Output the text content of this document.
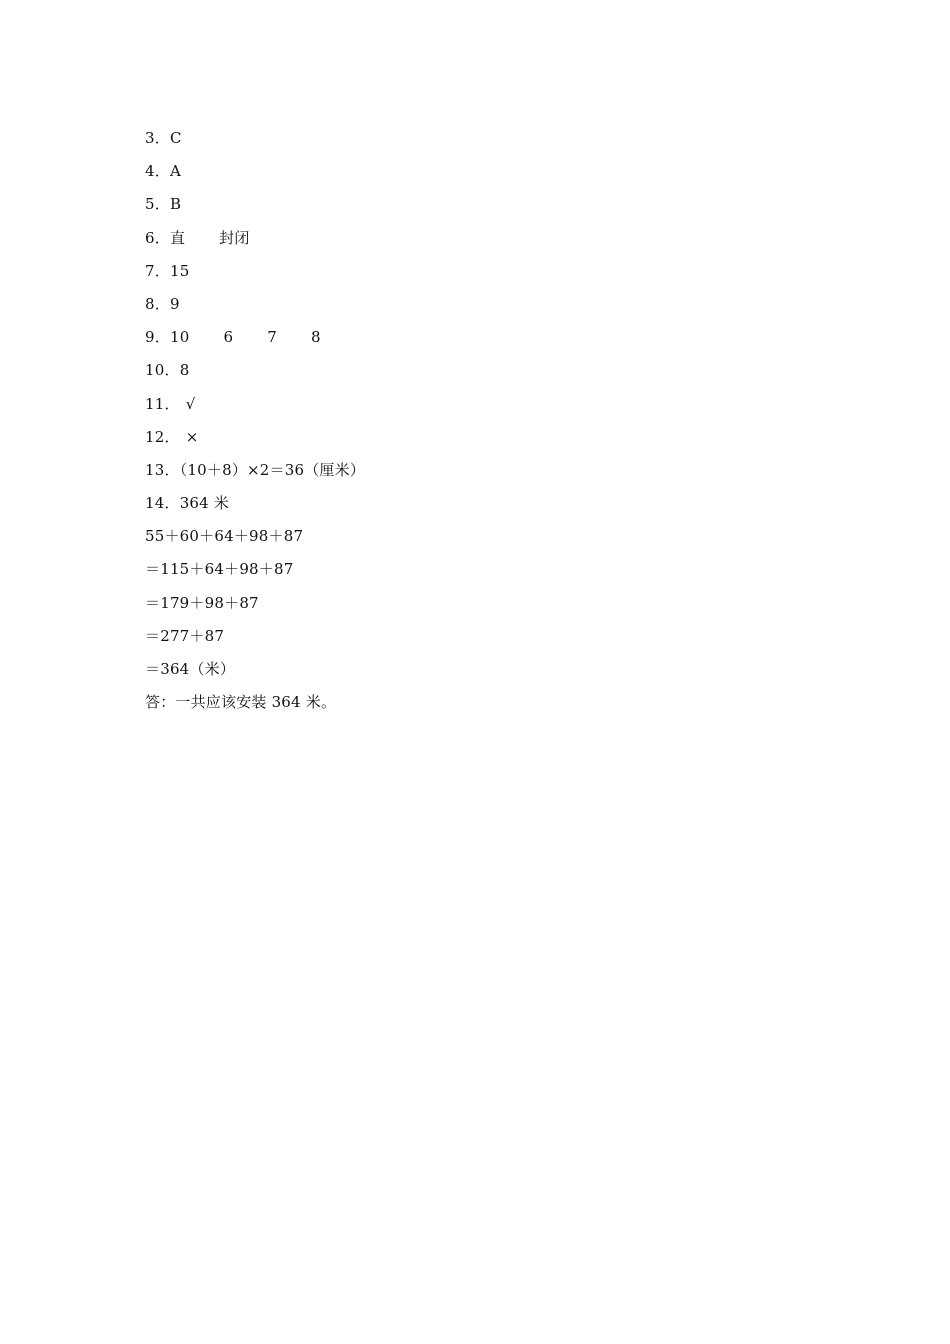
3．C
4．A
5．B
6．直 封闭
7．15
8．9
9．10 6 7 8
10．8
11． √
12． ×
13．（10＋8）×2＝36（厘米）
14．364 米
55＋60＋64＋98＋87
＝115＋64＋98＋87
＝179＋98＋87
＝277＋87
＝364（米）
答：一共应该安装 364 米。
